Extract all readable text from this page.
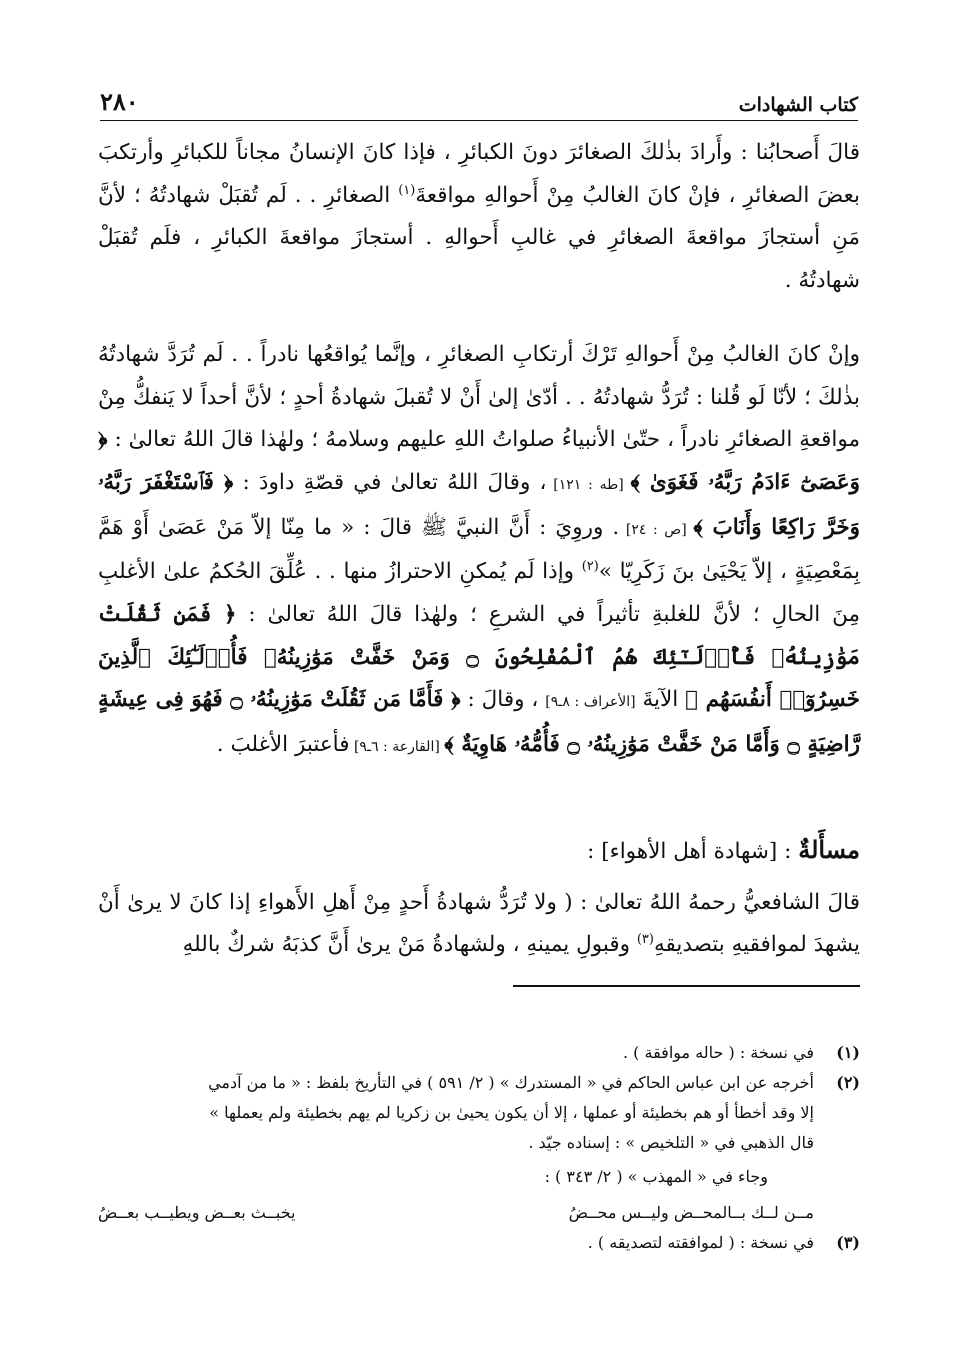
كتاب الشهادات
٢٨٠

قالَ أَصحابُنا : وأَرادَ بذٰلكَ الصغائرَ دونَ الكبائرِ ، فإذا كانَ الإنسانُ مجاناً للكبائرِ وأرتكبَ بعضَ الصغائرِ ، فإنْ كانَ الغالبُ مِنْ أَحوالهِ مواقعةَ$^{(١)}$ الصغائرِ . . لَم تُقبَلْ شهادتُهُ ؛ لأنَّ مَنِ أستجازَ مواقعةَ الصغائرِ في غالبِ أَحوالهِ . أستجازَ مواقعةَ الكبائرِ ، فلَم تُقبَلْ شهادتُهُ .

وإنْ كانَ الغالبُ مِنْ أَحوالهِ تَرْكَ أرتكابِ الصغائرِ ، وإنَّما يُواقعُها نادراً . . لَم تُرَدَّ شهادتُهُ بذٰلكَ ؛ لأنّا لَو قُلنا : تُرَدُّ شهادتُهُ . . أدّىٰ إلىٰ أَنْ لا تُقبلَ شهادةُ أحدٍ ؛ لأنَّ أحداً لا يَنفكُّ مِنْ مواقعةِ الصغائرِ نادراً ، حتّىٰ الأنبياءُ صلواتُ اللهِ عليهم وسلامهُ ؛ ولهٰذا قالَ اللهُ تعالىٰ : ﴿ وَعَصَىٰٓ ءَادَمُ رَبَّهُۥ فَغَوَىٰ ﴾ [طه : ١٢١] ، وقالَ اللهُ تعالىٰ في قصّةِ داودَ : ﴿ فَٱسْتَغْفَرَ رَبَّهُۥ وَخَرَّ رَاكِعًا وَأَنَابَ ﴾ [ص : ٢٤] . وروِيَ : أَنَّ النبيَّ ﷺ قالَ : « ما مِنّا إلاّ مَنْ عَصَىٰ أَوْ هَمَّ بِمَعْصِيَةٍ ، إلاّ يَحْيَىٰ بنَ زَكَرِيّا »$^{(٢)}$ وإذا لَم يُمكنِ الاحترازُ منها . . عُلِّقَ الحُكمُ علىٰ الأغلبِ مِنَ الحالِ ؛ لأنَّ للغلبةِ تأثيراً في الشرعِ ؛ ولهٰذا قالَ اللهُ تعالىٰ : ﴿ فَمَن ثَقُلَتْ مَوَٰزِينُهُۥ فَأُو۟لَـٰٓئِكَ هُمُ ٱلْمُفْلِحُونَ ۝ وَمَنْ خَفَّتْ مَوَٰزِينُهُۥ فَأُو۟لَـٰٓئِكَ ٱلَّذِينَ خَسِرُوٓا۟ أَنفُسَهُم ﴾ الآيةَ [الأعراف : ٨ـ٩] ، وقالَ : ﴿ فَأَمَّا مَن ثَقُلَتْ مَوَٰزِينُهُۥ ۝ فَهُوَ فِى عِيشَةٍ رَّاضِيَةٍ ۝ وَأَمَّا مَنْ خَفَّتْ مَوَٰزِينُهُۥ ۝ فَأُمُّهُۥ هَاوِيَةٌ ﴾ [القارعة : ٦ـ٩] فأعتبرَ الأغلبَ .

مسأَلةٌ : [شهادة أهل الأهواء] :

قالَ الشافعيُّ رحمهُ اللهُ تعالىٰ : ( ولا تُرَدُّ شهادةُ أَحدٍ مِنْ أَهلِ الأَهواءِ إذا كانَ لا يرىٰ أَنْ يشهدَ لموافقيهِ بتصديقهِ$^{(٣)}$ وقبولِ يمينهِ ، ولشهادةُ مَنْ يرىٰ أَنَّ كذبَهُ شركٌ باللهِ

(١)
في نسخة : ( حاله موافقة ) .
(٢)
أخرجه عن ابن عباس الحاكم في « المستدرك » ( ٢/ ٥٩١ ) في التأريخ بلفظ : « ما من آدمي
إلا وقد أخطأ أو هم بخطيئة أو عملها ، إلا أن يكون يحيىٰ بن زكريا لم يهم بخطيئة ولم يعملها »
قال الذهبي في « التلخيص » : إسناده جيّد .
وجاء في « المهذب » ( ٢/ ٣٤٣ ) :
مــن لــك بــالمحــض وليــس محــضُ
يخبــث بعــض ويطيــب بعــضُ
(٣)
في نسخة : ( لموافقته لتصديقه ) .
